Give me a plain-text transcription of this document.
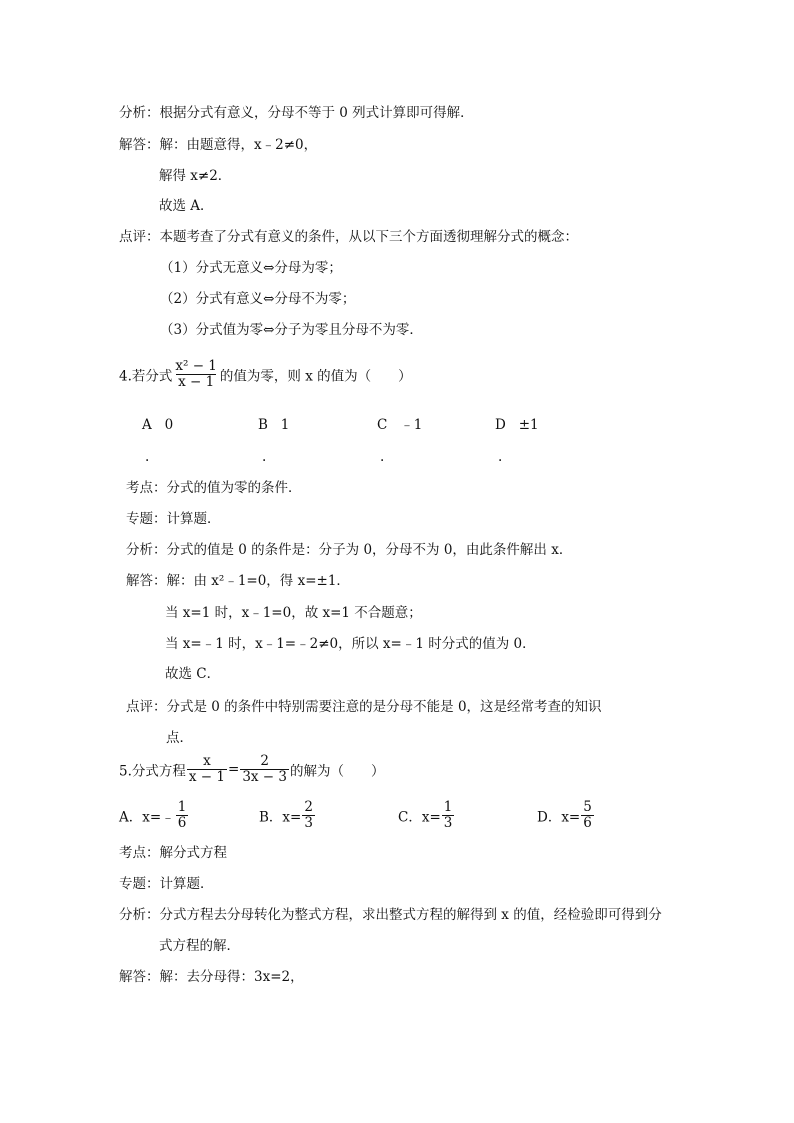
分析：根据分式有意义，分母不等于 0 列式计算即可得解．
解答：解：由题意得，x﹣2≠0，
解得 x≠2．
故选 A．
点评：本题考查了分式有意义的条件，从以下三个方面透彻理解分式的概念：
（1）分式无意义⇔分母为零；
（2）分式有意义⇔分母不为零；
（3）分式值为零⇔分子为零且分母不为零．
4.若分式 $\frac{\text{x² − 1}}{x - 1}$ 的值为零，则 x 的值为（　　）
A 0	B 1	C ﹣1	D ±1
.	.	.	.
考点：分式的值为零的条件．
专题：计算题．
分析：分式的值是 0 的条件是：分子为 0，分母不为 0，由此条件解出 x．
解答：解：由 x²﹣1=0，得 x=±1．
当 x=1 时，x﹣1=0，故 x=1 不合题意；
当 x=﹣1 时，x﹣1=﹣2≠0，所以 x=﹣1 时分式的值为 0．
故选 C．
点评：分式是 0 的条件中特别需要注意的是分母不能是 0，这是经常考查的知识
点．
5.分式方程 $\frac{x}{x - 1} = \frac{2}{3x - 3}$ 的解为（　　）
A．x=﹣ $\frac{1}{6}$	B．$x= \frac{2}{3}$	C．$x= \frac{1}{3}$	D．$x= \frac{5}{6}$
考点：解分式方程
专题：计算题．
分析：分式方程去分母转化为整式方程，求出整式方程的解得到 x 的值，经检验即可得到分
式方程的解．
解答：解：去分母得：3x=2，
